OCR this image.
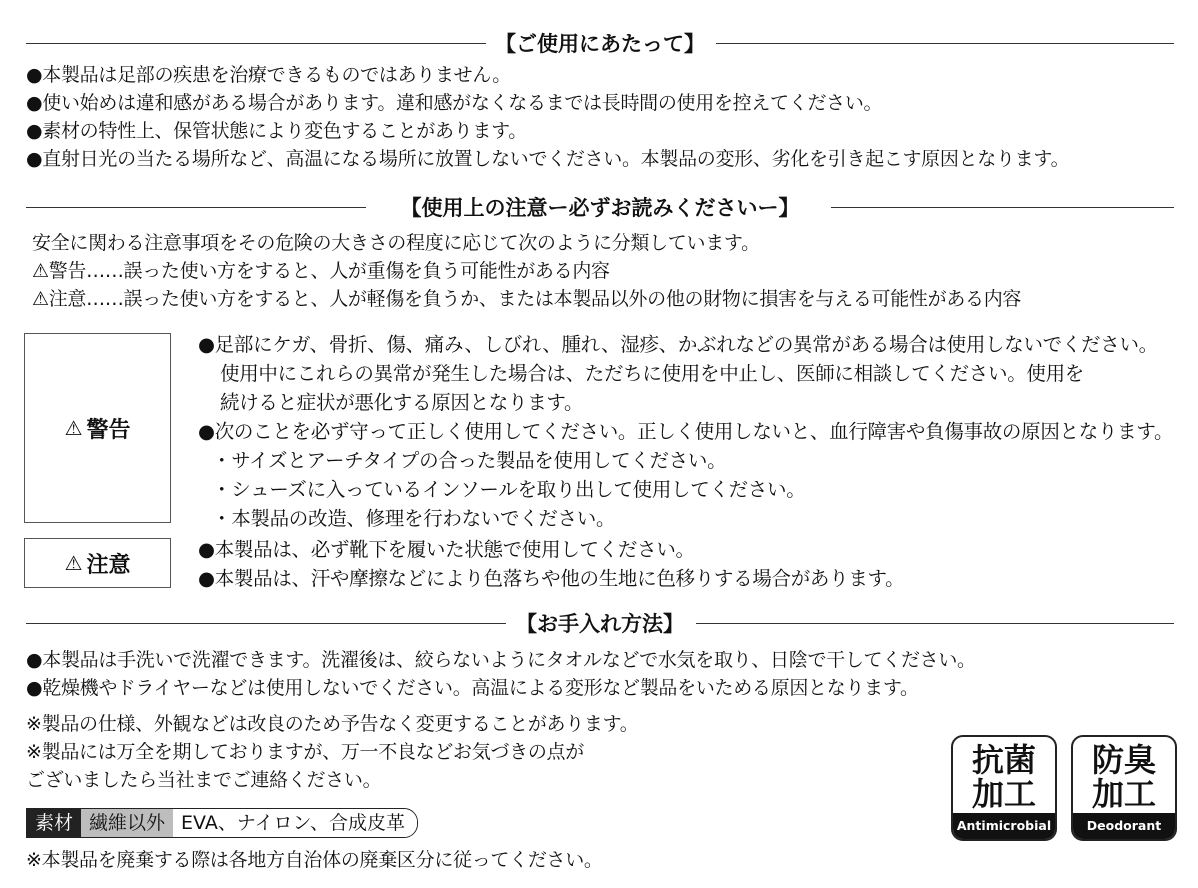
【ご使用にあたって】
●本製品は足部の疾患を治療できるものではありません。
●使い始めは違和感がある場合があります。違和感がなくなるまでは長時間の使用を控えてください。
●素材の特性上、保管状態により変色することがあります。
●直射日光の当たる場所など、高温になる場所に放置しないでください。本製品の変形、劣化を引き起こす原因となります。
【使用上の注意ー必ずお読みくださいー】
安全に関わる注意事項をその危険の大きさの程度に応じて次のように分類しています。
⚠警告……誤った使い方をすると、人が重傷を負う可能性がある内容
⚠注意……誤った使い方をすると、人が軽傷を負うか、または本製品以外の他の財物に損害を与える可能性がある内容
⚠ 警告
●足部にケガ、骨折、傷、痛み、しびれ、腫れ、湿疹、かぶれなどの異常がある場合は使用しないでください。
使用中にこれらの異常が発生した場合は、ただちに使用を中止し、医師に相談してください。使用を
続けると症状が悪化する原因となります。
●次のことを必ず守って正しく使用してください。正しく使用しないと、血行障害や負傷事故の原因となります。
・サイズとアーチタイプの合った製品を使用してください。
・シューズに入っているインソールを取り出して使用してください。
・本製品の改造、修理を行わないでください。
⚠ 注意
●本製品は、必ず靴下を履いた状態で使用してください。
●本製品は、汗や摩擦などにより色落ちや他の生地に色移りする場合があります。
【お手入れ方法】
●本製品は手洗いで洗濯できます。洗濯後は、絞らないようにタオルなどで水気を取り、日陰で干してください。
●乾燥機やドライヤーなどは使用しないでください。高温による変形など製品をいためる原因となります。
※製品の仕様、外観などは改良のため予告なく変更することがあります。
※製品には万全を期しておりますが、万一不良などお気づきの点が
ございましたら当社までご連絡ください。
素材 繊維以外 EVA、ナイロン、合成皮革
※本製品を廃棄する際は各地方自治体の廃棄区分に従ってください。
抗菌
加工
Antimicrobial
防臭
加工
Deodorant
